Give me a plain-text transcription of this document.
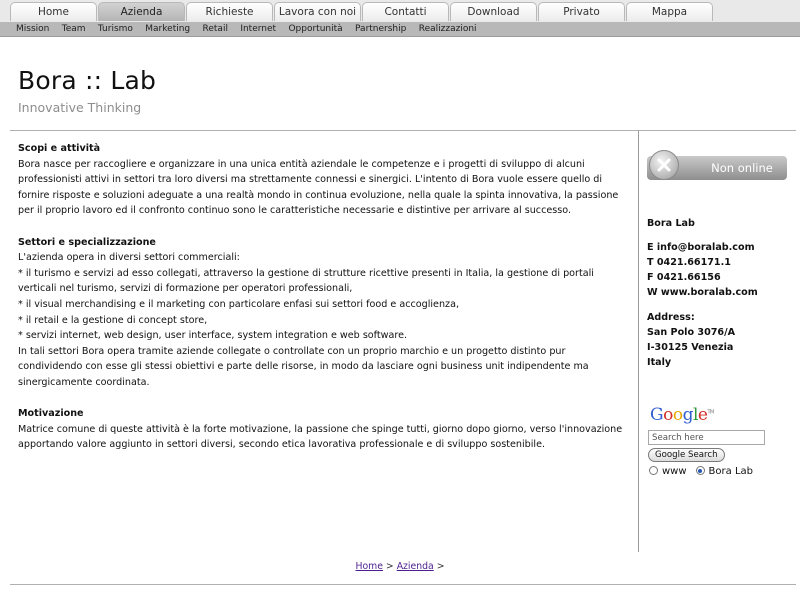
Home	Azienda	Richieste	Lavora con noi	Contatti	Download	Privato	Mappa
Mission Team Turismo Marketing Retail Internet Opportunità Partnership Realizzazioni
Bora :: Lab
Innovative Thinking
Scopi e attività

Bora nasce per raccogliere e organizzare in una unica entità aziendale le competenze e i progetti di sviluppo di alcuni professionisti attivi in settori tra loro diversi ma strettamente connessi e sinergici. L'intento di Bora vuole essere quello di fornire risposte e soluzioni adeguate a una realtà mondo in continua evoluzione, nella quale la spinta innovativa, la passione per il proprio lavoro ed il confronto continuo sono le caratteristiche necessarie e distintive per arrivare al successo.

Settori e specializzazione

L'azienda opera in diversi settori commerciali:

* il turismo e servizi ad esso collegati, attraverso la gestione di strutture ricettive presenti in Italia, la gestione di portali verticali nel turismo, servizi di formazione per operatori professionali,

* il visual merchandising e il marketing con particolare enfasi sui settori food e accoglienza,

* il retail e la gestione di concept store,

* servizi internet, web design, user interface, system integration e web software.

In tali settori Bora opera tramite aziende collegate o controllate con un proprio marchio e un progetto distinto pur condividendo con esse gli stessi obiettivi e parte delle risorse, in modo da lasciare ogni business unit indipendente ma sinergicamente coordinata.

Motivazione

Matrice comune di queste attività è la forte motivazione, la passione che spinge tutti, giorno dopo giorno, verso l'innovazione apportando valore aggiunto in settori diversi, secondo etica lavorativa professionale e di sviluppo sostenibile.

Non online
Bora Lab
E info@boralab.com
T 0421.66171.1
F 0421.66156
W www.boralab.com
Address:
San Polo 3076/A
I-30125 Venezia
Italy
Google™
Search here
Google Search
www Bora Lab
Home > Azienda >
